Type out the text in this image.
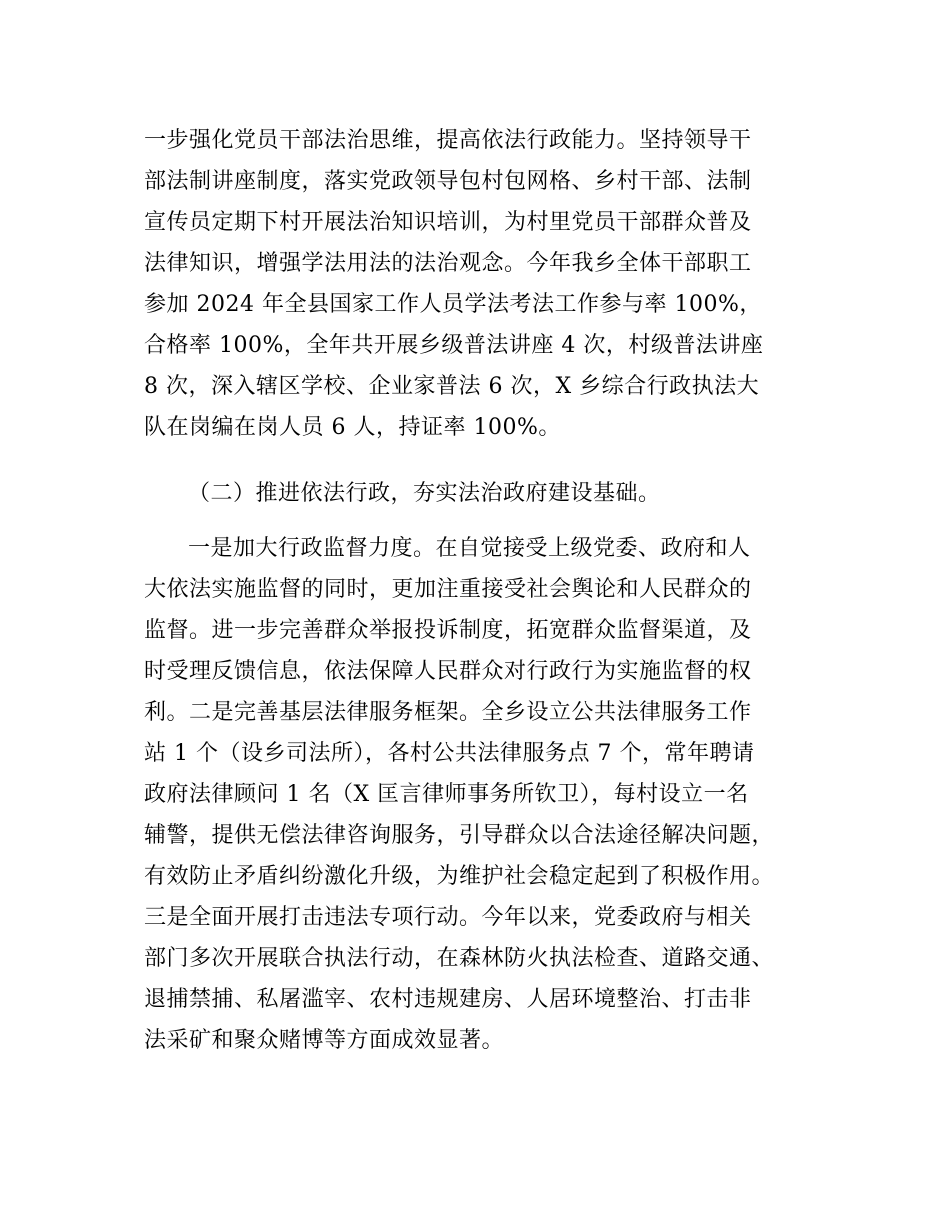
一步强化党员干部法治思维，提高依法行政能力。坚持领导干
部法制讲座制度，落实党政领导包村包网格、乡村干部、法制
宣传员定期下村开展法治知识培训，为村里党员干部群众普及
法律知识，增强学法用法的法治观念。今年我乡全体干部职工
参加 2024 年全县国家工作人员学法考法工作参与率 100%，
合格率 100%，全年共开展乡级普法讲座 4 次，村级普法讲座
8 次，深入辖区学校、企业家普法 6 次，X 乡综合行政执法大
队在岗编在岗人员 6 人，持证率 100%。
（二）推进依法行政，夯实法治政府建设基础。
一是加大行政监督力度。在自觉接受上级党委、政府和人
大依法实施监督的同时，更加注重接受社会舆论和人民群众的
监督。进一步完善群众举报投诉制度，拓宽群众监督渠道，及
时受理反馈信息，依法保障人民群众对行政行为实施监督的权
利。二是完善基层法律服务框架。全乡设立公共法律服务工作
站 1 个（设乡司法所），各村公共法律服务点 7 个，常年聘请
政府法律顾问 1 名（X 匡言律师事务所钦卫），每村设立一名
辅警，提供无偿法律咨询服务，引导群众以合法途径解决问题，
有效防止矛盾纠纷激化升级，为维护社会稳定起到了积极作用。
三是全面开展打击违法专项行动。今年以来，党委政府与相关
部门多次开展联合执法行动，在森林防火执法检查、道路交通、
退捕禁捕、私屠滥宰、农村违规建房、人居环境整治、打击非
法采矿和聚众赌博等方面成效显著。
